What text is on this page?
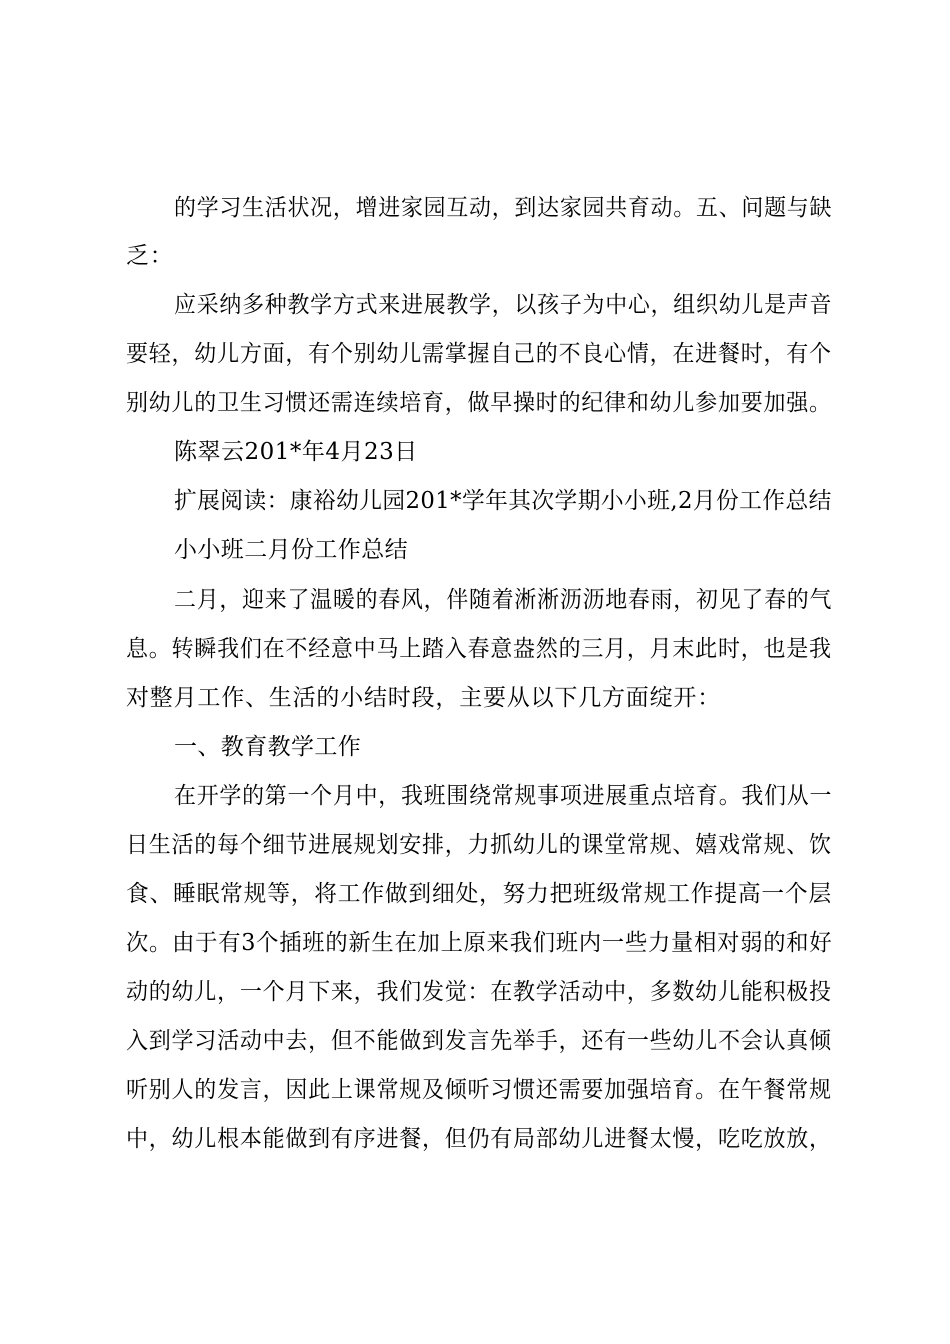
的学习生活状况，增进家园互动，到达家园共育动。五、问题与缺
乏：
应采纳多种教学方式来进展教学，以孩子为中心，组织幼儿是声音
要轻，幼儿方面，有个别幼儿需掌握自己的不良心情，在进餐时，有个
别幼儿的卫生习惯还需连续培育，做早操时的纪律和幼儿参加要加强。
陈翠云201*年4月23日
扩展阅读：康裕幼儿园201*学年其次学期小小班,2月份工作总结
小小班二月份工作总结
二月，迎来了温暖的春风，伴随着淅淅沥沥地春雨，初见了春的气
息。转瞬我们在不经意中马上踏入春意盎然的三月，月末此时，也是我
对整月工作、生活的小结时段，主要从以下几方面绽开：
一、教育教学工作
在开学的第一个月中，我班围绕常规事项进展重点培育。我们从一
日生活的每个细节进展规划安排，力抓幼儿的课堂常规、嬉戏常规、饮
食、睡眠常规等，将工作做到细处，努力把班级常规工作提高一个层
次。由于有3个插班的新生在加上原来我们班内一些力量相对弱的和好
动的幼儿，一个月下来，我们发觉：在教学活动中，多数幼儿能积极投
入到学习活动中去，但不能做到发言先举手，还有一些幼儿不会认真倾
听别人的发言，因此上课常规及倾听习惯还需要加强培育。在午餐常规
中，幼儿根本能做到有序进餐，但仍有局部幼儿进餐太慢，吃吃放放，
